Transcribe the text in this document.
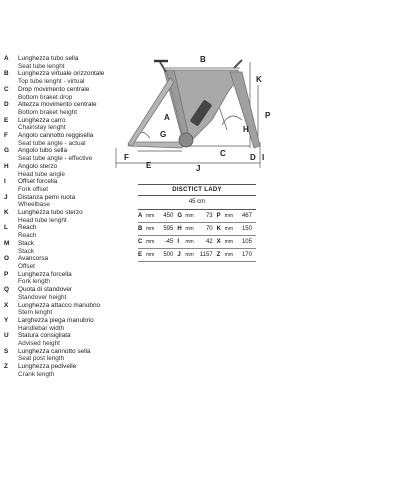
A	Lunghezza tubo sella
Seat tube lenght
B	Lunghezza virtuale orizzontale
Top tube lenght - virtual
C	Drop movimento centrale
Bottom braket drop
D	Altezza movimento centrale
Bottom braket height
E	Lunghezza carro
Chainstay lenght
F	Angolo cannotto reggisella
Seat tube angle - actual
G	Angolo tubo sella
Seat tube angle - effective
H	Angolo sterzo
Head tube angle
I	Offset forcella
Fork offset
J	Distanza perni ruota
Wheelbase
K	Lunghezza tubo sterzo
Head tube lenght
L	Reach
Reach
M	Stack
Stack
O	Avancorsa
Offset
P	Lunghezza forcella
Fork length
Q	Quota di standover
Standover height
X	Lunghezza attacco manubrio
Stem lenght
Y	Larghezza piega manubrio
Handlebar width
U	Statura consigliata
Advised height
S	Lunghezza cannotto sella
Seat post length
Z	Lunghezza pedivelle
Crank length
B
K
A
G
H
P
C
E	J
F	D I
DISCTICT LADY
45 cm
A mm	450 G mm	73 P mm	467
B mm	595 H mm	70 K mm	150
C mm	-45 I	mm	42 X mm	105
E mm	500 J mm	1157 Z mm	170
